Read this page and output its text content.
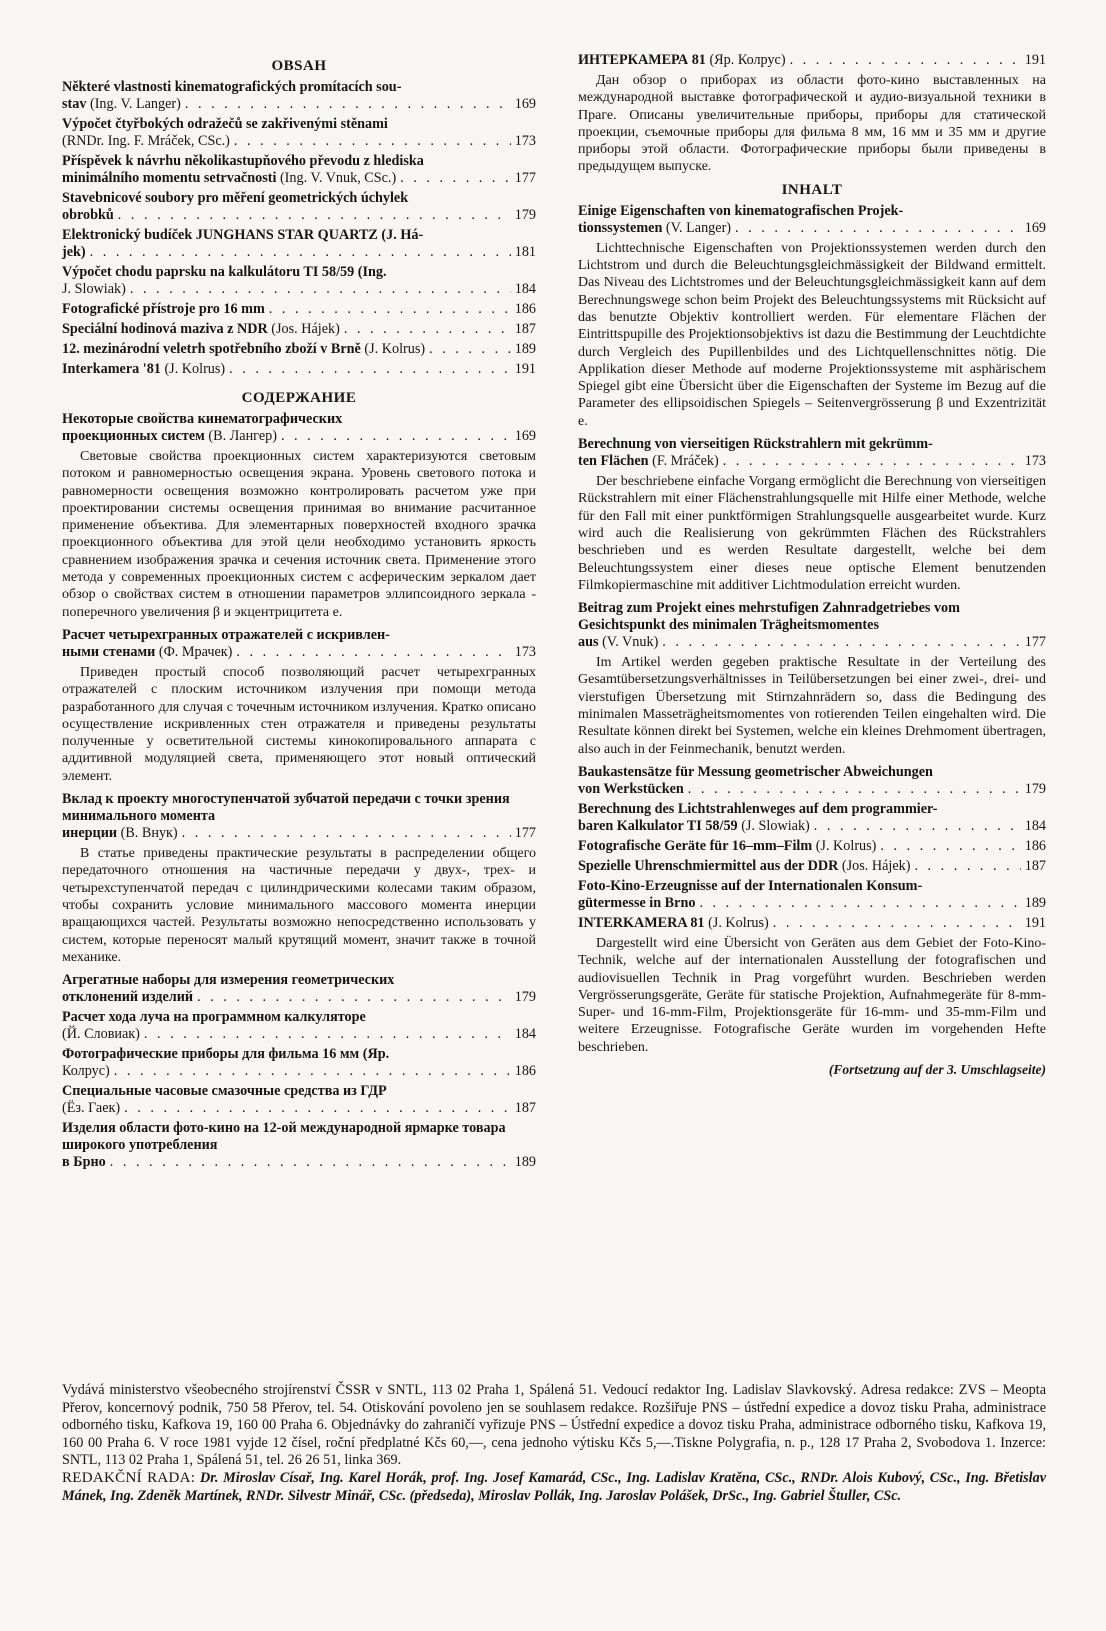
OBSAH
Některé vlastnosti kinematografických promítacích sou-
stav (Ing. V. Langer) . . .	169
Výpočet čtyřbokých odražečů se zakřivenými stěnami
(RNDr. Ing. F. Mráček, CSc.) . . .	173
Příspěvek k návrhu několikastupňového převodu z hlediska
minimálního momentu setrvačnosti (Ing. V. Vnuk, CSc.) . . .	177
Stavebnicové soubory pro měření geometrických úchylek
obrobků . . .	179
Elektronický budíček JUNGHANS STAR QUARTZ (J. Há-
jek) . . .	181
Výpočet chodu paprsku na kalkulátoru TI 58/59 (Ing.
J. Slowiak) . . .	184
Fotografické přístroje pro 16 mm . . .	186
Speciální hodinová maziva z NDR (Jos. Hájek) . . .	187
12. mezinárodní veletrh spotřebního zboží v Brně (J. Kolrus) . . .	189
Interkamera '81 (J. Kolrus) . . .	191
СОДЕРЖАНИЕ
Некоторые свойства кинематографических
проекционных систем (В. Лангер) . . .	169
Световые свойства проекционных систем характеризуются световым потоком и равномерностью освещения экрана. Уровень светового потока и равномерности освещения возможно контролировать расчетом уже при проектировании системы освещения принимая во внимание расчитанное применение объектива. Для элементарных поверхностей входного зрачка проекционного объектива для этой цели необходимо установить яркость сравнением изображения зрачка и сечения источник света. Применение этого метода у современных проекционных систем с асферическим зеркалом дает обзор о свойствах систем в отношении параметров эллипсоидного зеркала - поперечного увеличения β и экцентрицитета e.
Расчет четырехгранных отражателей с искривлен-
ными стенами (Ф. Мрачек) . . .	173
Приведен простый способ позволяющий расчет четырехгранных отражателей с плоским источником излучения при помощи метода разработанного для случая с точечным источником излучения. Кратко описано осуществление искривленных стен отражателя и приведены результаты полученные у осветительной системы кинокопировального аппарата с аддитивной модуляцией света, применяющего этот новый оптический элемент.
Вклад к проекту многоступенчатой зубчатой передачи с точки зрения минимального момента
инерции (В. Внук) . . .	177
В статье приведены практические результаты в распределении общего передаточного отношения на частичные передачи у двух-, трех- и четырехступенчатой передач с цилиндрическими колесами таким образом, чтобы сохранить условие минимального массового момента инерции вращающихся частей. Результаты возможно непосредственно использовать у систем, которые переносят малый крутящий момент, значит также в точной механике.
Агрегатные наборы для измерения геометрических
отклонений изделий . . .	179
Расчет хода луча на программном калкуляторе
(Й. Словиак) . . .	184
Фотографические приборы для фильма 16 мм (Яр.
Колрус) . . .	186
Специальные часовые смазочные средства из ГДР
(Ёз. Гаек) . . .	187
Изделия области фото-кино на 12-ой международной ярмарке товара широкого употребления
в Брно . . .	189
ИНТЕРКАМЕРА 81 (Яр. Колрус) . . .	191
Дан обзор о приборах из области фото-кино выставленных на международной выставке фотографической и аудио-визуальной техники в Праге. Описаны увеличительные приборы, приборы для статической проекции, съемочные приборы для фильма 8 мм, 16 мм и 35 мм и другие приборы этой области. Фотографические приборы были приведены в предыдущем выпуске.
INHALT
Einige Eigenschaften von kinematografischen Projek-
tionssystemen (V. Langer) . . .	169
Lichttechnische Eigenschaften von Projektionssystemen werden durch den Lichtstrom und durch die Beleuchtungsgleichmässigkeit der Bildwand ermittelt. Das Niveau des Lichtstromes und der Beleuchtungsgleichmässigkeit kann auf dem Berechnungswege schon beim Projekt des Beleuchtungssystems mit Rücksicht auf das benutzte Objektiv kontrolliert werden. Für elementare Flächen der Eintrittspupille des Projektionsobjektivs ist dazu die Bestimmung der Leuchtdichte durch Vergleich des Pupillenbildes und des Lichtquellenschnittes nötig. Die Applikation dieser Methode auf moderne Projektionssysteme mit asphärischem Spiegel gibt eine Übersicht über die Eigenschaften der Systeme im Bezug auf die Parameter des ellipsoidischen Spiegels – Seitenvergrösserung β und Exzentrizität e.
Berechnung von vierseitigen Rückstrahlern mit gekrümm-
ten Flächen (F. Mráček) . . .	173
Der beschriebene einfache Vorgang ermöglicht die Berechnung von vierseitigen Rückstrahlern mit einer Flächenstrahlungsquelle mit Hilfe einer Methode, welche für den Fall mit einer punktförmigen Strahlungsquelle ausgearbeitet wurde. Kurz wird auch die Realisierung von gekrümmten Flächen des Rückstrahlers beschrieben und es werden Resultate dargestellt, welche bei dem Beleuchtungssystem einer dieses neue optische Element benutzenden Filmkopiermaschine mit additiver Lichtmodulation erreicht wurden.
Beitrag zum Projekt eines mehrstufigen Zahnradgetriebes vom Gesichtspunkt des minimalen Trägheitsmomentes
aus (V. Vnuk) . . .	177
Im Artikel werden gegeben praktische Resultate in der Verteilung des Gesamtübersetzungsverhältnisses in Teilübersetzungen bei einer zwei-, drei- und vierstufigen Übersetzung mit Stirnzahnrädern so, dass die Bedingung des minimalen Masseträgheitsmomentes von rotierenden Teilen eingehalten wird. Die Resultate können direkt bei Systemen, welche ein kleines Drehmoment übertragen, also auch in der Feinmechanik, benutzt werden.
Baukastensätze für Messung geometrischer Abweichungen
von Werkstücken . . .	179
Berechnung des Lichtstrahlenweges auf dem programmier-
baren Kalkulator TI 58/59 (J. Slowiak) . . .	184
Fotografische Geräte für 16–mm–Film (J. Kolrus) . . .	186
Spezielle Uhrenschmiermittel aus der DDR (Jos. Hájek) . . .	187
Foto-Kino-Erzeugnisse auf der Internationalen Konsum-
gütermesse in Brno . . .	189
INTERKAMERA 81 (J. Kolrus) . . .	191
Dargestellt wird eine Übersicht von Geräten aus dem Gebiet der Foto-Kino-Technik, welche auf der internationalen Ausstellung der fotografischen und audiovisuellen Technik in Prag vorgeführt wurden. Beschrieben werden Vergrösserungsgeräte, Geräte für statische Projektion, Aufnahmegeräte für 8-mm-Super- und 16-mm-Film, Projektionsgeräte für 16-mm- und 35-mm-Film und weitere Erzeugnisse. Fotografische Geräte wurden im vorgehenden Hefte beschrieben.
(Fortsetzung auf der 3. Umschlagseite)
Vydává ministerstvo všeobecného strojírenství ČSSR v SNTL, 113 02 Praha 1, Spálená 51. Vedoucí redaktor Ing. Ladislav Slavkovský. Adresa redakce: ZVS – Meopta Přerov, koncernový podnik, 750 58 Přerov, tel. 54. Otiskování povoleno jen se souhlasem redakce. Rozšiřuje PNS – ústřední expedice a dovoz tisku Praha, administrace odborného tisku, Kafkova 19, 160 00 Praha 6. Objednávky do zahraničí vyřizuje PNS – Ústřední expedice a dovoz tisku Praha, administrace odborného tisku, Kafkova 19, 160 00 Praha 6. V roce 1981 vyjde 12 čísel, roční předplatné Kčs 60,—, cena jednoho výtisku Kčs 5,—.Tiskne Polygrafia, n. p., 128 17 Praha 2, Svobodova 1. Inzerce: SNTL, 113 02 Praha 1, Spálená 51, tel. 26 26 51, linka 369.
REDAKČNÍ RADA: Dr. Miroslav Císař, Ing. Karel Horák, prof. Ing. Josef Kamarád, CSc., Ing. Ladislav Kratěna, CSc., RNDr. Alois Kubový, CSc., Ing. Břetislav Mánek, Ing. Zdeněk Martínek, RNDr. Silvestr Minář, CSc. (předseda), Miroslav Pollák, Ing. Jaroslav Polášek, DrSc., Ing. Gabriel Štuller, CSc.
